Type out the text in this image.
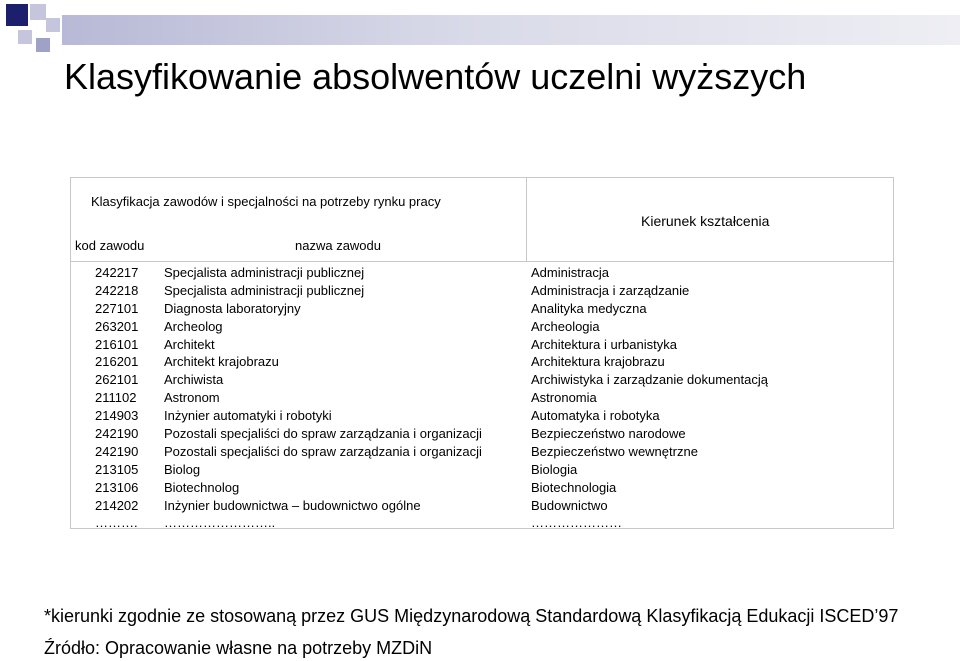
Klasyfikowanie absolwentów uczelni wyższych
Klasyfikacja zawodów i specjalności na potrzeby rynku pracy
kod zawodu	nazwa zawodu
Kierunek kształcenia
242217 Specjalista administracji publicznej	Administracja
242218 Specjalista administracji publicznej	Administracja i zarządzanie
227101 Diagnosta laboratoryjny	Analityka medyczna
263201 Archeolog	Archeologia
216101 Architekt	Architektura i urbanistyka
216201 Architekt krajobrazu	Architektura krajobrazu
262101 Archiwista	Archiwistyka i zarządzanie dokumentacją
211102 Astronom	Astronomia
214903 Inżynier automatyki i robotyki	Automatyka i robotyka
242190 Pozostali specjaliści do spraw zarządzania i organizacji	Bezpieczeństwo narodowe
242190 Pozostali specjaliści do spraw zarządzania i organizacji	Bezpieczeństwo wewnętrzne
213105 Biolog	Biologia
213106 Biotechnolog	Biotechnologia
214202 Inżynier budownictwa – budownictwo ogólne	Budownictwo
………. ……………………..	…………………

*kierunki zgodnie ze stosowaną przez GUS Międzynarodową Standardową Klasyfikacją Edukacji ISCED’97

Źródło: Opracowanie własne na potrzeby MZDiN
